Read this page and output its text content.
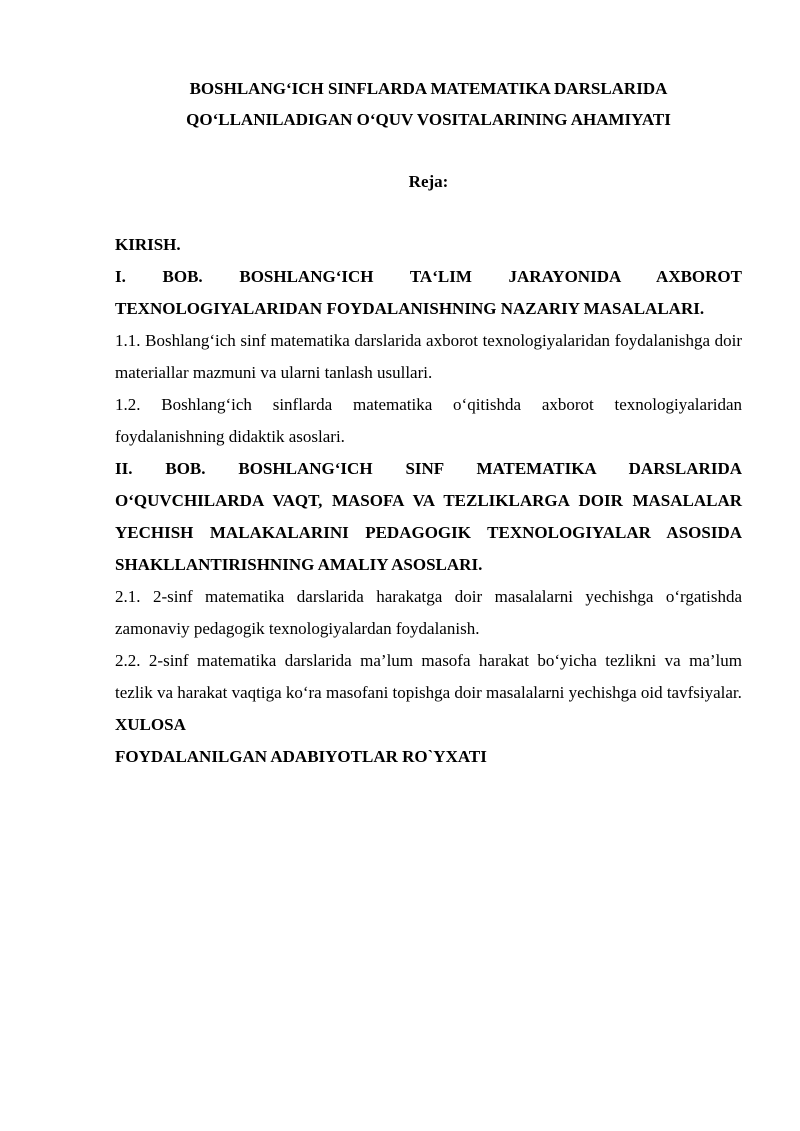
BOSHLANG‘ICH SINFLARDA MATEMATIKA DARSLARIDA
QO‘LLANILADIGAN O‘QUV VOSITALARINING AHAMIYATI
Reja:

KIRISH.

I. BOB. BOSHLANG‘ICH TA‘LIM JARAYONIDA AXBOROT TEXNOLOGIYALARIDAN FOYDALANISHNING NAZARIY MASALALARI.

1.1. Boshlang‘ich sinf matematika darslarida axborot texnologiyalaridan foydalanishga doir materiallar mazmuni va ularni tanlash usullari.

1.2. Boshlang‘ich sinflarda matematika o‘qitishda axborot texnologiyalaridan foydalanishning didaktik asoslari.

II. BOB. BOSHLANG‘ICH SINF MATEMATIKA DARSLARIDA O‘QUVCHILARDA VAQT, MASOFA VA TEZLIKLARGA DOIR MASALALAR YECHISH MALAKALARINI PEDAGOGIK TEXNOLOGIYALAR ASOSIDA SHAKLLANTIRISHNING AMALIY ASOSLARI.

2.1. 2-sinf matematika darslarida harakatga doir masalalarni yechishga o‘rgatishda zamonaviy pedagogik texnologiyalardan foydalanish.

2.2. 2-sinf matematika darslarida ma’lum masofa harakat bo‘yicha tezlikni va ma’lum tezlik va harakat vaqtiga ko‘ra masofani topishga doir masalalarni yechishga oid tavfsiyalar.

XULOSA

FOYDALANILGAN ADABIYOTLAR RO`YXATI
